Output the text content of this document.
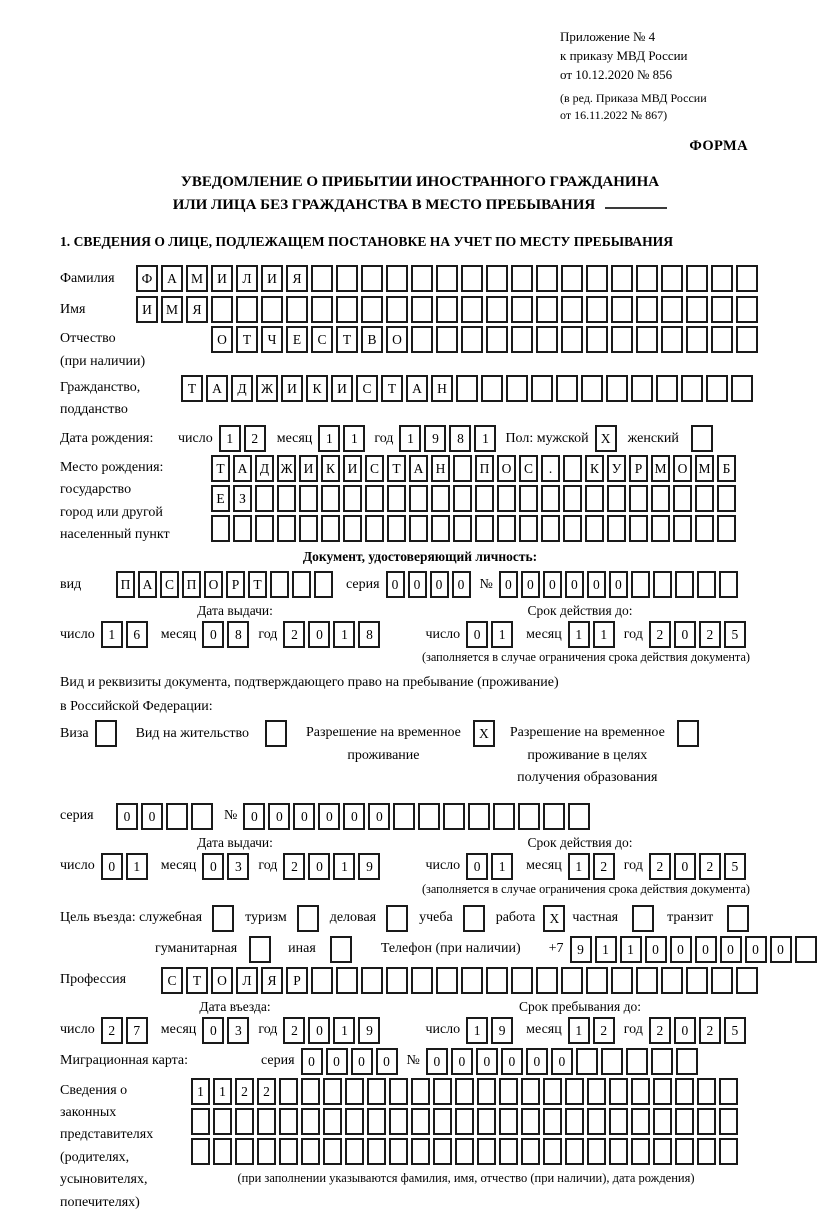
Приложение № 4
к приказу МВД России
от 10.12.2020 № 856
(в ред. Приказа МВД России
от 16.11.2022 № 867)
ФОРМА
УВЕДОМЛЕНИЕ О ПРИБЫТИИ ИНОСТРАННОГО ГРАЖДАНИНА
ИЛИ ЛИЦА БЕЗ ГРАЖДАНСТВА В МЕСТО ПРЕБЫВАНИЯ
1. СВЕДЕНИЯ О ЛИЦЕ, ПОДЛЕЖАЩЕМ ПОСТАНОВКЕ НА УЧЕТ ПО МЕСТУ ПРЕБЫВАНИЯ
Фамилия	Ф	А	М	И	Л	И	Я
Имя	И	М	Я
Отчество
(при наличии)
О	Т	Ч	Е	С	Т	В	О
Гражданство,
подданство
Т	А	Д	Ж	И	К	И	С	Т	А	Н
Дата рождения:	число	1	2	месяц	1	1	год	1	9	8	1	Пол: мужской X	женский
Место рождения:
государство
город или другой
населенный пункт
Т А Д Ж И К И С Т А Н	П О С	.	К У Р М О М Б
Е	З
Документ, удостоверяющий личность:
вид	П А С П О Р	Т	серия 0	0	0	0	№ 0	0	0	0	0	0
Дата выдачи:	Срок действия до:
число	1	6	месяц	0	8	год	2	0	1	8	число	0	1	месяц	1	1	год	2	0	2	5
(заполняется в случае ограничения срока действия документа)
Вид и реквизиты документа, подтверждающего право на пребывание (проживание)
в Российской Федерации:
Виза	Вид на жительство	Разрешение на временное
проживание
X	Разрешение на временное
проживание в целях
получения образования
серия	0	0	№	0	0	0	0	0	0
Дата выдачи:	Срок действия до:
число	0	1	месяц	0	3	год	2	0	1	9	число	0	1	месяц	1	2	год	2	0	2	5
(заполняется в случае ограничения срока действия документа)
Цель въезда: служебная	туризм	деловая	учеба	работа	X частная	транзит
гуманитарная	иная	Телефон (при наличии) +7	9	1	1	0	0	0	0	0	0
Профессия	С	Т	О	Л	Я	Р
Дата въезда:	Срок пребывания до:
число	2	7	месяц	0	3	год	2	0	1	9	число	1	9	месяц	1	2	год	2	0	2	5
Миграционная карта:	серия	0	0	0	0	№	0	0	0	0	0	0
Сведения о
законных
представителях
(родителях,
усыновителях,
попечителях)
1	1	2	2
(при заполнении указываются фамилия, имя, отчество (при наличии), дата рождения)
